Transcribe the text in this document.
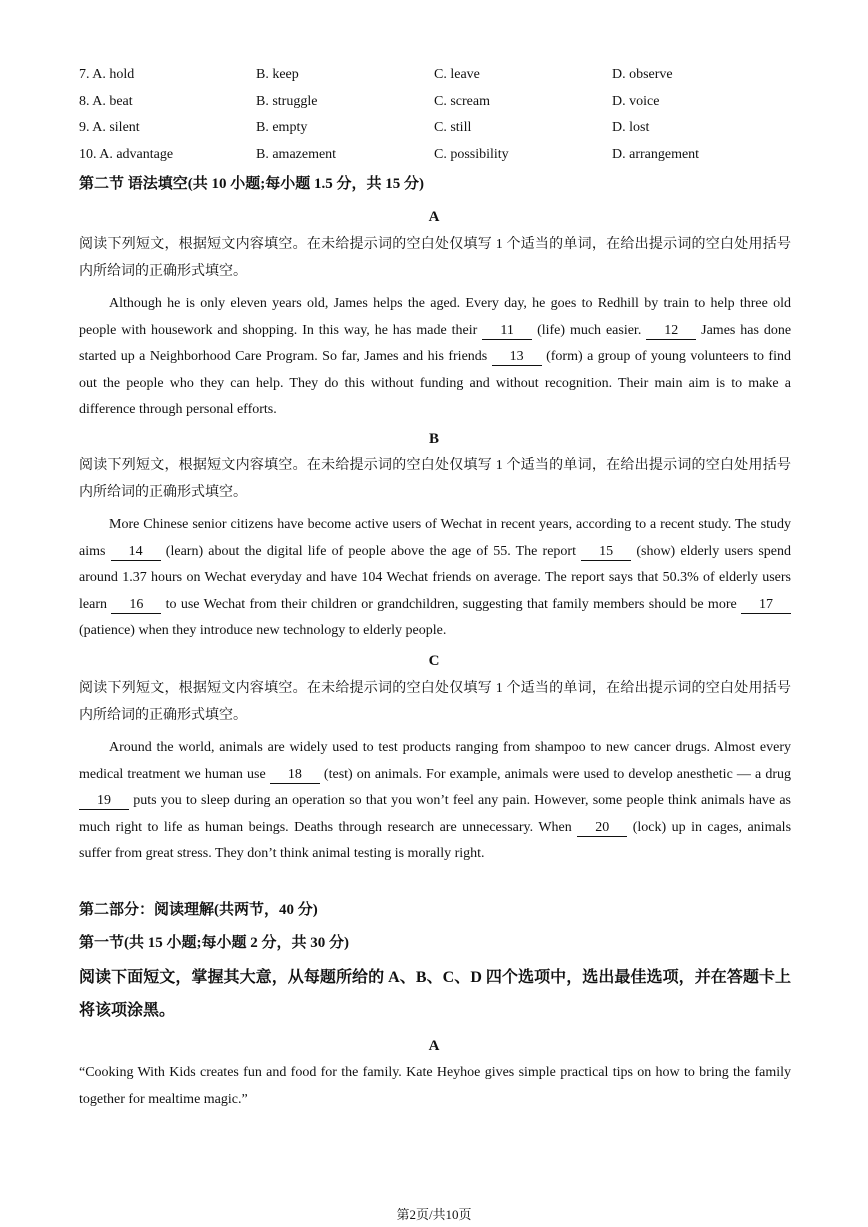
7. A. hold	B. keep	C. leave	D. observe
8. A. beat	B. struggle	C. scream	D. voice
9. A. silent	B. empty	C. still	D. lost
10. A. advantage	B. amazement	C. possibility	D. arrangement
第二节 语法填空(共 10 小题;每小题 1.5 分，共 15 分)
A
阅读下列短文，根据短文内容填空。在未给提示词的空白处仅填写 1 个适当的单词，在给出提示词的空白处用括号内所给词的正确形式填空。
Although he is only eleven years old, James helps the aged. Every day, he goes to Redhill by train to help three old people with housework and shopping. In this way, he has made their 11 (life) much easier. 12 James has done started up a Neighborhood Care Program. So far, James and his friends 13 (form) a group of young volunteers to find out the people who they can help. They do this without funding and without recognition. Their main aim is to make a difference through personal efforts.
B
阅读下列短文，根据短文内容填空。在未给提示词的空白处仅填写 1 个适当的单词，在给出提示词的空白处用括号内所给词的正确形式填空。
More Chinese senior citizens have become active users of Wechat in recent years, according to a recent study. The study aims 14 (learn) about the digital life of people above the age of 55. The report 15 (show) elderly users spend around 1.37 hours on Wechat everyday and have 104 Wechat friends on average. The report says that 50.3% of elderly users learn 16 to use Wechat from their children or grandchildren, suggesting that family members should be more 17 (patience) when they introduce new technology to elderly people.
C
阅读下列短文，根据短文内容填空。在未给提示词的空白处仅填写 1 个适当的单词，在给出提示词的空白处用括号内所给词的正确形式填空。
Around the world, animals are widely used to test products ranging from shampoo to new cancer drugs. Almost every medical treatment we human use 18 (test) on animals. For example, animals were used to develop anesthetic — a drug 19 puts you to sleep during an operation so that you won’t feel any pain. However, some people think animals have as much right to life as human beings. Deaths through research are unnecessary. When 20 (lock) up in cages, animals suffer from great stress. They don’t think animal testing is morally right.
第二部分：阅读理解(共两节，40 分)
第一节(共 15 小题;每小题 2 分，共 30 分)
阅读下面短文，掌握其大意，从每题所给的 A、B、C、D 四个选项中，选出最佳选项，并在答题卡上将该项涂黑。
A
“Cooking With Kids creates fun and food for the family. Kate Heyhoe gives simple practical tips on how to bring the family together for mealtime magic.”
第2页/共10页
